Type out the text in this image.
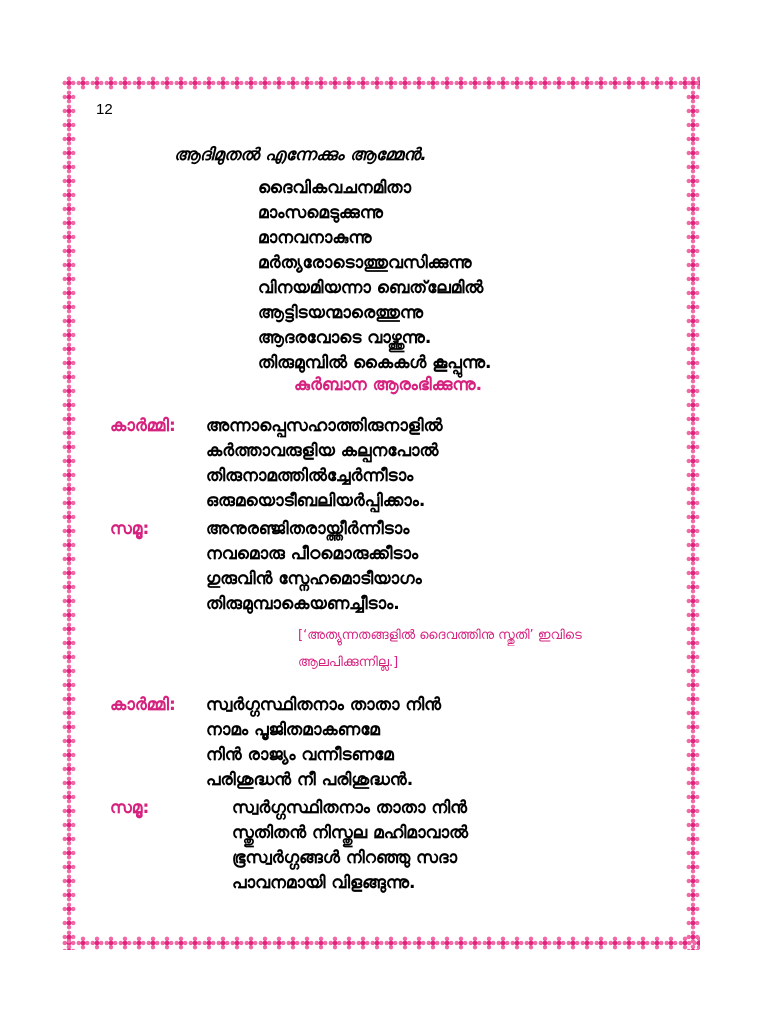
12
ആദിമുതൽ എന്നേക്കും ആമ്മേൻ.
ദൈവികവചനമിതാ
മാംസമെടുക്കുന്നു
മാനവനാകുന്നു
മർത്യരോടൊത്തുവസിക്കുന്നു
വിനയമിയന്നാ ബെത്‌ലേമിൽ
ആട്ടിടയന്മാരെത്തുന്നു
ആദരവോടെ വാഴ്ത്തുന്നു.
തിരുമുമ്പിൽ കൈകൾ കൂപ്പുന്നു.
കുർബാന ആരംഭിക്കുന്നു.
കാർമ്മി: അന്നാപ്പെസഹാത്തിരുനാളിൽ
കർത്താവരുളിയ കല്പനപോൽ
തിരുനാമത്തിൽച്ചേർന്നീടാം
ഒരുമയൊടീബലിയർപ്പിക്കാം.
സമൂ:	അനുരഞ്ജിതരായ്ത്തീർന്നീടാം
നവമൊരു പീഠമൊരുക്കീടാം
ഗുരുവിൻ സ്നേഹമൊടീയാഗം
തിരുമുമ്പാകെയണച്ചീടാം.
[‘അത്യുന്നതങ്ങളിൽ ദൈവത്തിനു സ്തുതി’ ഇവിടെ ആലപിക്കുന്നില്ല.]
കാർമ്മി: സ്വർഗ്ഗസ്ഥിതനാം താതാ നിൻ
നാമം പൂജിതമാകണമേ
നിൻ രാജ്യം വന്നീടണമേ
പരിശുദ്ധൻ നീ പരിശുദ്ധൻ.
സമൂ:	സ്വർഗ്ഗസ്ഥിതനാം താതാ നിൻ
സ്തുതിതൻ നിസ്തുല മഹിമാവാൽ
ഭൂസ്വർഗ്ഗങ്ങൾ നിറഞ്ഞു സദാ
പാവനമായി വിളങ്ങുന്നു.
